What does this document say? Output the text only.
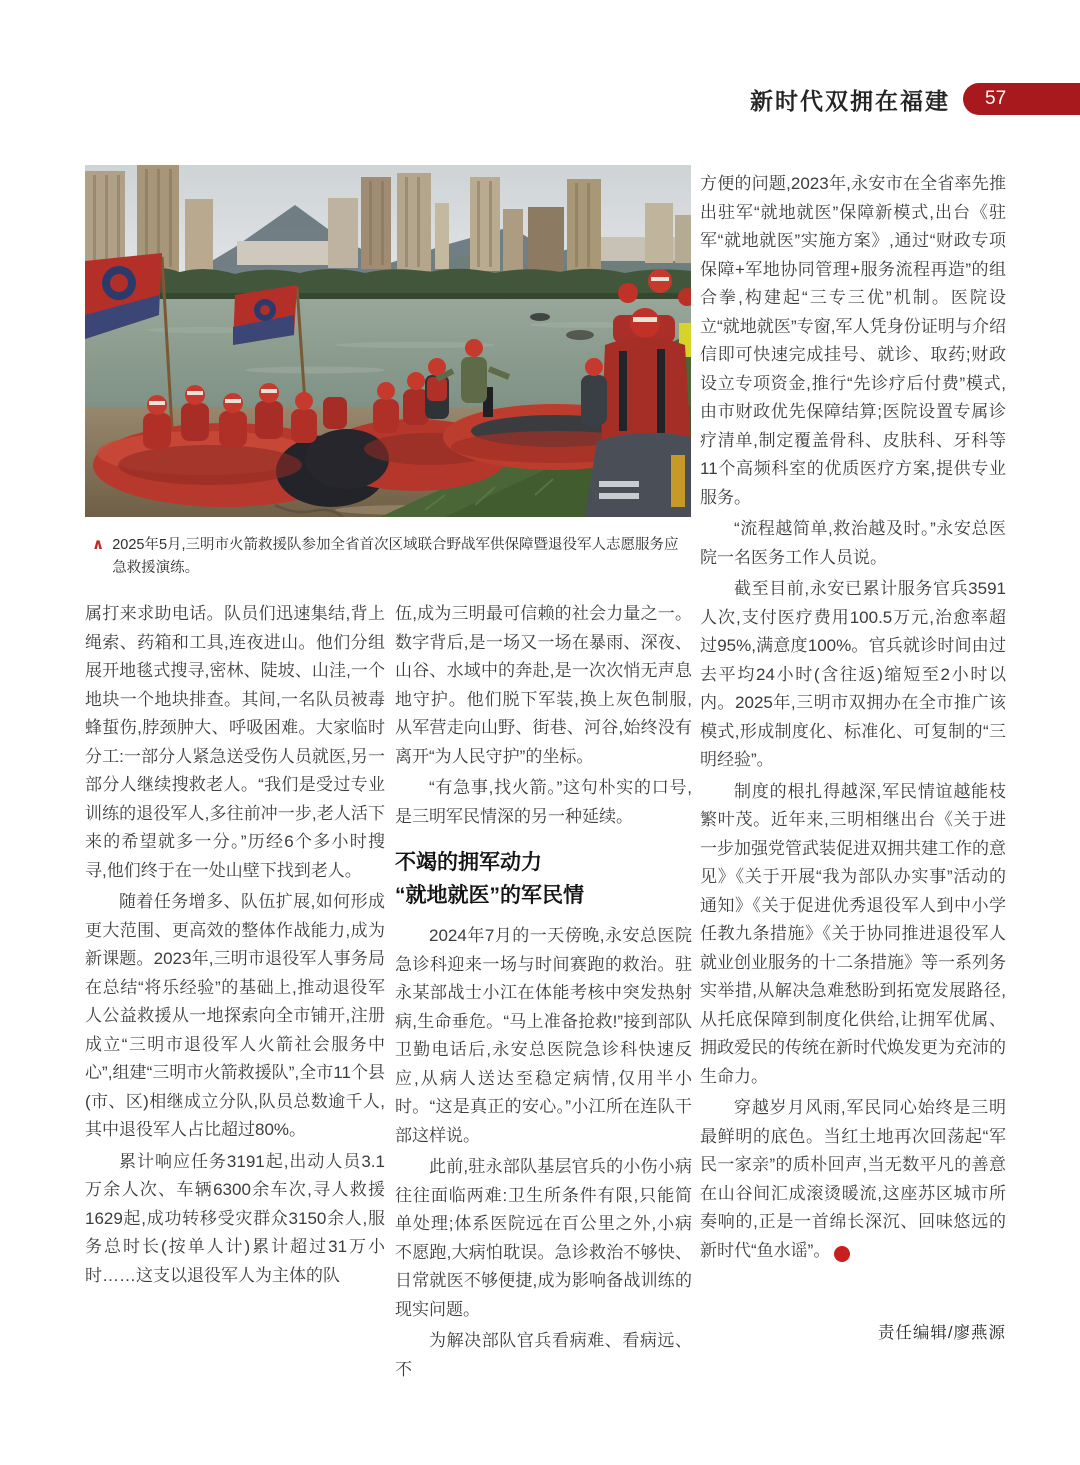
新时代双拥在福建 57
∧ 2025年5月,三明市火箭救援队参加全省首次区域联合野战军供保障暨退役军人志愿服务应急救援演练。

属打来求助电话。队员们迅速集结,背上绳索、药箱和工具,连夜进山。他们分组展开地毯式搜寻,密林、陡坡、山洼,一个地块一个地块排查。其间,一名队员被毒蜂蜇伤,脖颈肿大、呼吸困难。大家临时分工:一部分人紧急送受伤人员就医,另一部分人继续搜救老人。“我们是受过专业训练的退役军人,多往前冲一步,老人活下来的希望就多一分。”历经6个多小时搜寻,他们终于在一处山壁下找到老人。

随着任务增多、队伍扩展,如何形成更大范围、更高效的整体作战能力,成为新课题。2023年,三明市退役军人事务局在总结“将乐经验”的基础上,推动退役军人公益救援从一地探索向全市铺开,注册成立“三明市退役军人火箭社会服务中心”,组建“三明市火箭救援队”,全市11个县(市、区)相继成立分队,队员总数逾千人,其中退役军人占比超过80%。

累计响应任务3191起,出动人员3.1万余人次、车辆6300余车次,寻人救援1629起,成功转移受灾群众3150余人,服务总时长(按单人计)累计超过31万小时……这支以退役军人为主体的队

伍,成为三明最可信赖的社会力量之一。数字背后,是一场又一场在暴雨、深夜、山谷、水域中的奔赴,是一次次悄无声息地守护。他们脱下军装,换上灰色制服,从军营走向山野、街巷、河谷,始终没有离开“为人民守护”的坐标。

“有急事,找火箭。”这句朴实的口号,是三明军民情深的另一种延续。

不竭的拥军动力
“就地就医”的军民情

2024年7月的一天傍晚,永安总医院急诊科迎来一场与时间赛跑的救治。驻永某部战士小江在体能考核中突发热射病,生命垂危。“马上准备抢救!”接到部队卫勤电话后,永安总医院急诊科快速反应,从病人送达至稳定病情,仅用半小时。“这是真正的安心。”小江所在连队干部这样说。

此前,驻永部队基层官兵的小伤小病往往面临两难:卫生所条件有限,只能简单处理;体系医院远在百公里之外,小病不愿跑,大病怕耽误。急诊救治不够快、日常就医不够便捷,成为影响备战训练的现实问题。

为解决部队官兵看病难、看病远、不

方便的问题,2023年,永安市在全省率先推出驻军“就地就医”保障新模式,出台《驻军“就地就医”实施方案》,通过“财政专项保障+军地协同管理+服务流程再造”的组合拳,构建起“三专三优”机制。医院设立“就地就医”专窗,军人凭身份证明与介绍信即可快速完成挂号、就诊、取药;财政设立专项资金,推行“先诊疗后付费”模式,由市财政优先保障结算;医院设置专属诊疗清单,制定覆盖骨科、皮肤科、牙科等11个高频科室的优质医疗方案,提供专业服务。

“流程越简单,救治越及时。”永安总医院一名医务工作人员说。

截至目前,永安已累计服务官兵3591人次,支付医疗费用100.5万元,治愈率超过95%,满意度100%。官兵就诊时间由过去平均24小时(含往返)缩短至2小时以内。2025年,三明市双拥办在全市推广该模式,形成制度化、标准化、可复制的“三明经验”。

制度的根扎得越深,军民情谊越能枝繁叶茂。近年来,三明相继出台《关于进一步加强党管武装促进双拥共建工作的意见》《关于开展“我为部队办实事”活动的通知》《关于促进优秀退役军人到中小学任教九条措施》《关于协同推进退役军人就业创业服务的十二条措施》等一系列务实举措,从解决急难愁盼到拓宽发展路径,从托底保障到制度化供给,让拥军优属、拥政爱民的传统在新时代焕发更为充沛的生命力。

穿越岁月风雨,军民同心始终是三明最鲜明的底色。当红土地再次回荡起“军民一家亲”的质朴回声,当无数平凡的善意在山谷间汇成滚烫暖流,这座苏区城市所奏响的,正是一首绵长深沉、回味悠远的新时代“鱼水谣”。	H

责任编辑/廖燕源
